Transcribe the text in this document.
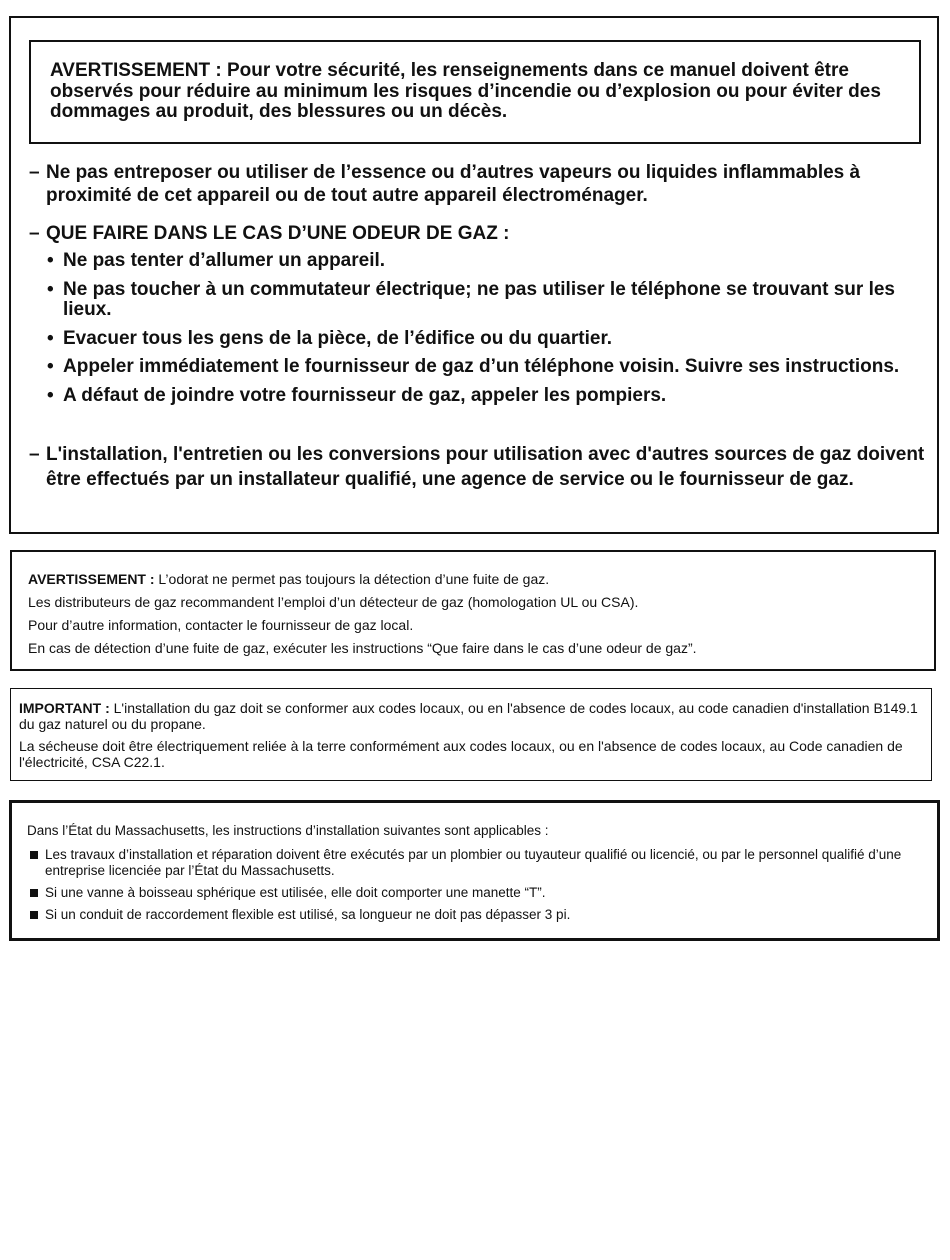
AVERTISSEMENT : Pour votre sécurité, les renseignements dans ce manuel doivent être observés pour réduire au minimum les risques d’incendie ou d’explosion ou pour éviter des dommages au produit, des blessures ou un décès.
– Ne pas entreposer ou utiliser de l’essence ou d’autres vapeurs ou liquides inflammables à proximité de cet appareil ou de tout autre appareil électroménager.
– QUE FAIRE DANS LE CAS D’UNE ODEUR DE GAZ :
• Ne pas tenter d’allumer un appareil.
• Ne pas toucher à un commutateur électrique; ne pas utiliser le téléphone se trouvant sur les lieux.
• Evacuer tous les gens de la pièce, de l’édifice ou du quartier.
• Appeler immédiatement le fournisseur de gaz d’un téléphone voisin. Suivre ses instructions.
• A défaut de joindre votre fournisseur de gaz, appeler les pompiers.
– L'installation, l'entretien ou les conversions pour utilisation avec d'autres sources de gaz doivent être effectués par un installateur qualifié, une agence de service ou le fournisseur de gaz.

AVERTISSEMENT : L’odorat ne permet pas toujours la détection d’une fuite de gaz.

Les distributeurs de gaz recommandent l’emploi d’un détecteur de gaz (homologation UL ou CSA).

Pour d’autre information, contacter le fournisseur de gaz local.

En cas de détection d’une fuite de gaz, exécuter les instructions “Que faire dans le cas d’une odeur de gaz”.

IMPORTANT : L'installation du gaz doit se conformer aux codes locaux, ou en l'absence de codes locaux, au code canadien d'installation B149.1 du gaz naturel ou du propane.

La sécheuse doit être électriquement reliée à la terre conformément aux codes locaux, ou en l'absence de codes locaux, au Code canadien de l'électricité, CSA C22.1.

Dans l’État du Massachusetts, les instructions d’installation suivantes sont applicables :

Les travaux d’installation et réparation doivent être exécutés par un plombier ou tuyauteur qualifié ou licencié, ou par le personnel qualifié d’une entreprise licenciée par l’État du Massachusetts.
Si une vanne à boisseau sphérique est utilisée, elle doit comporter une manette “T”.
Si un conduit de raccordement flexible est utilisé, sa longueur ne doit pas dépasser 3 pi.
